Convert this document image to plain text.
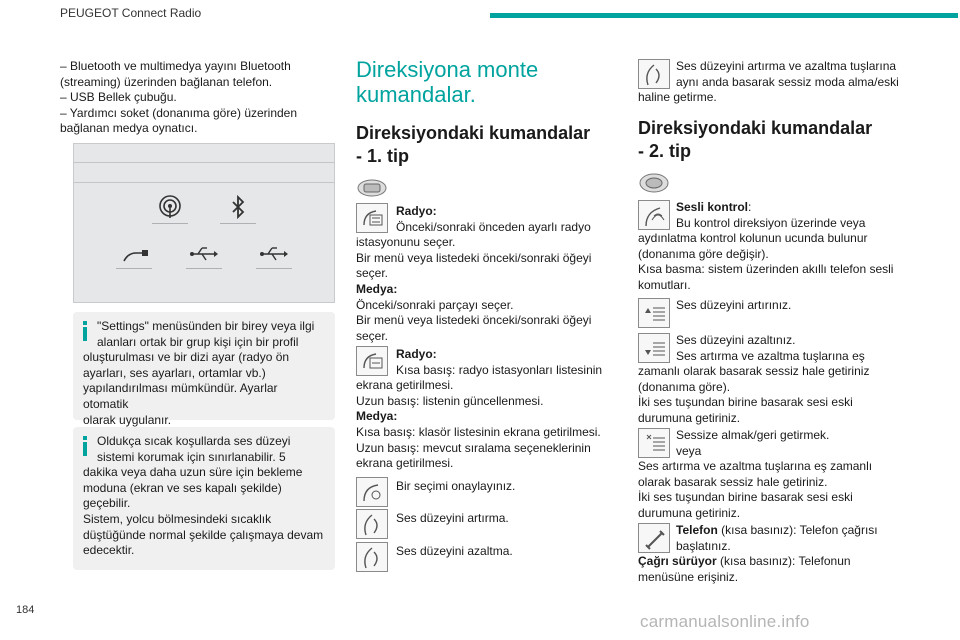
PEUGEOT Connect Radio

– Bluetooth ve multimedya yayını Bluetooth

(streaming) üzerinden bağlanan telefon.

– USB Bellek çubuğu.

– Yardımcı soket (donanıma göre) üzerinden

bağlanan medya oynatıcı.

"Settings" menüsünden bir birey veya ilgi
alanları ortak bir grup kişi için bir profil
oluşturulması ve bir dizi ayar (radyo ön
ayarları, ses ayarları, ortamlar vb.)
yapılandırılması mümkündür. Ayarlar otomatik
olarak uygulanır.
Oldukça sıcak koşullarda ses düzeyi
sistemi korumak için sınırlanabilir. 5
dakika veya daha uzun süre için bekleme
moduna (ekran ve ses kapalı şekilde)
geçebilir.
Sistem, yolcu bölmesindeki sıcaklık
düştüğünde normal şekilde çalışmaya devam
edecektir.
Direksiyona monte
kumandalar.
Direksiyondaki kumandalar
- 1. tip

Radyo:

Önceki/sonraki önceden ayarlı radyo

istasyonunu seçer.

Bir menü veya listedeki önceki/sonraki öğeyi

seçer.

Medya:

Önceki/sonraki parçayı seçer.

Bir menü veya listedeki önceki/sonraki öğeyi

seçer.

Radyo:

Kısa basış: radyo istasyonları listesinin

ekrana getirilmesi.

Uzun basış: listenin güncellenmesi.

Medya:

Kısa basış: klasör listesinin ekrana getirilmesi.

Uzun basış: mevcut sıralama seçeneklerinin

ekrana getirilmesi.

Bir seçimi onaylayınız.
Ses düzeyini artırma.
Ses düzeyini azaltma.

Ses düzeyini artırma ve azaltma tuşlarına

aynı anda basarak sessiz moda alma/eski

haline getirme.

Direksiyondaki kumandalar
- 2. tip

Sesli kontrol:

Bu kontrol direksiyon üzerinde veya

aydınlatma kontrol kolunun ucunda bulunur

(donanıma göre değişir).

Kısa basma: sistem üzerinden akıllı telefon sesli

komutları.

Ses düzeyini artırınız.

Ses düzeyini azaltınız.

Ses artırma ve azaltma tuşlarına eş

zamanlı olarak basarak sessiz hale getiriniz

(donanıma göre).

İki ses tuşundan birine basarak sesi eski

durumuna getiriniz.

Sessize almak/geri getirmek.

veya

Ses artırma ve azaltma tuşlarına eş zamanlı

olarak basarak sessiz hale getiriniz.

İki ses tuşundan birine basarak sesi eski

durumuna getiriniz.

Telefon (kısa basınız): Telefon çağrısı

başlatınız.

Çağrı sürüyor (kısa basınız): Telefonun

menüsüne erişiniz.

184
carmanualsonline.info
